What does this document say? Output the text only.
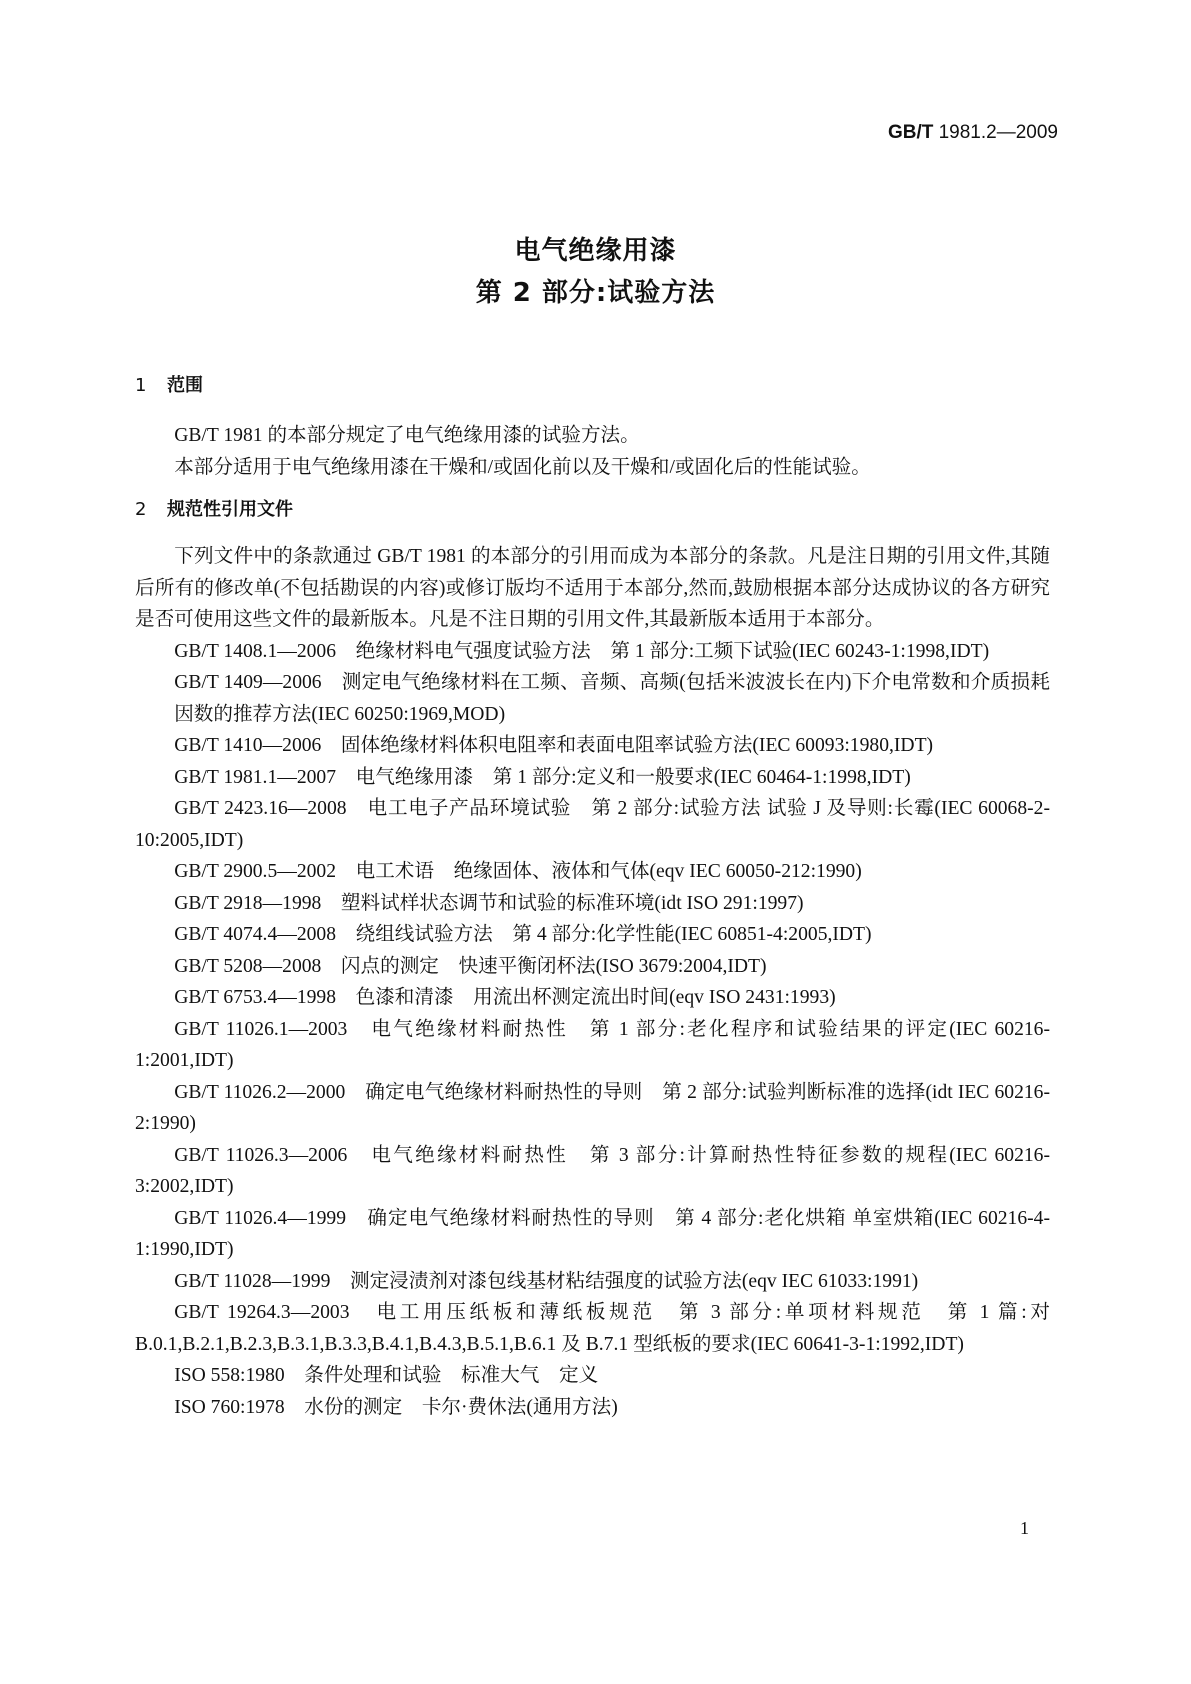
GB/T 1981.2—2009
电气绝缘用漆
第 2 部分:试验方法
1 范围

GB/T 1981 的本部分规定了电气绝缘用漆的试验方法。

本部分适用于电气绝缘用漆在干燥和/或固化前以及干燥和/或固化后的性能试验。

2 规范性引用文件

下列文件中的条款通过 GB/T 1981 的本部分的引用而成为本部分的条款。凡是注日期的引用文件,其随后所有的修改单(不包括勘误的内容)或修订版均不适用于本部分,然而,鼓励根据本部分达成协议的各方研究是否可使用这些文件的最新版本。凡是不注日期的引用文件,其最新版本适用于本部分。

GB/T 1408.1—2006　绝缘材料电气强度试验方法　第 1 部分:工频下试验(IEC 60243-1:1998,IDT)

GB/T 1409—2006　测定电气绝缘材料在工频、音频、高频(包括米波波长在内)下介电常数和介质损耗因数的推荐方法(IEC 60250:1969,MOD)

GB/T 1410—2006　固体绝缘材料体积电阻率和表面电阻率试验方法(IEC 60093:1980,IDT)

GB/T 1981.1—2007　电气绝缘用漆　第 1 部分:定义和一般要求(IEC 60464-1:1998,IDT)

GB/T 2423.16—2008　电工电子产品环境试验　第 2 部分:试验方法 试验 J 及导则:长霉(IEC 60068-2-10:2005,IDT)

GB/T 2900.5—2002　电工术语　绝缘固体、液体和气体(eqv IEC 60050-212:1990)

GB/T 2918—1998　塑料试样状态调节和试验的标准环境(idt ISO 291:1997)

GB/T 4074.4—2008　绕组线试验方法　第 4 部分:化学性能(IEC 60851-4:2005,IDT)

GB/T 5208—2008　闪点的测定　快速平衡闭杯法(ISO 3679:2004,IDT)

GB/T 6753.4—1998　色漆和清漆　用流出杯测定流出时间(eqv ISO 2431:1993)

GB/T 11026.1—2003　电气绝缘材料耐热性　第 1 部分:老化程序和试验结果的评定(IEC 60216-1:2001,IDT)

GB/T 11026.2—2000　确定电气绝缘材料耐热性的导则　第 2 部分:试验判断标准的选择(idt IEC 60216-2:1990)

GB/T 11026.3—2006　电气绝缘材料耐热性　第 3 部分:计算耐热性特征参数的规程(IEC 60216-3:2002,IDT)

GB/T 11026.4—1999　确定电气绝缘材料耐热性的导则　第 4 部分:老化烘箱 单室烘箱(IEC 60216-4-1:1990,IDT)

GB/T 11028—1999　测定浸渍剂对漆包线基材粘结强度的试验方法(eqv IEC 61033:1991)

GB/T 19264.3—2003　电工用压纸板和薄纸板规范　第 3 部分:单项材料规范　第 1 篇:对 B.0.1,B.2.1,B.2.3,B.3.1,B.3.3,B.4.1,B.4.3,B.5.1,B.6.1 及 B.7.1 型纸板的要求(IEC 60641-3-1:1992,IDT)

ISO 558:1980　条件处理和试验　标准大气　定义

ISO 760:1978　水份的测定　卡尔·费休法(通用方法)

1
